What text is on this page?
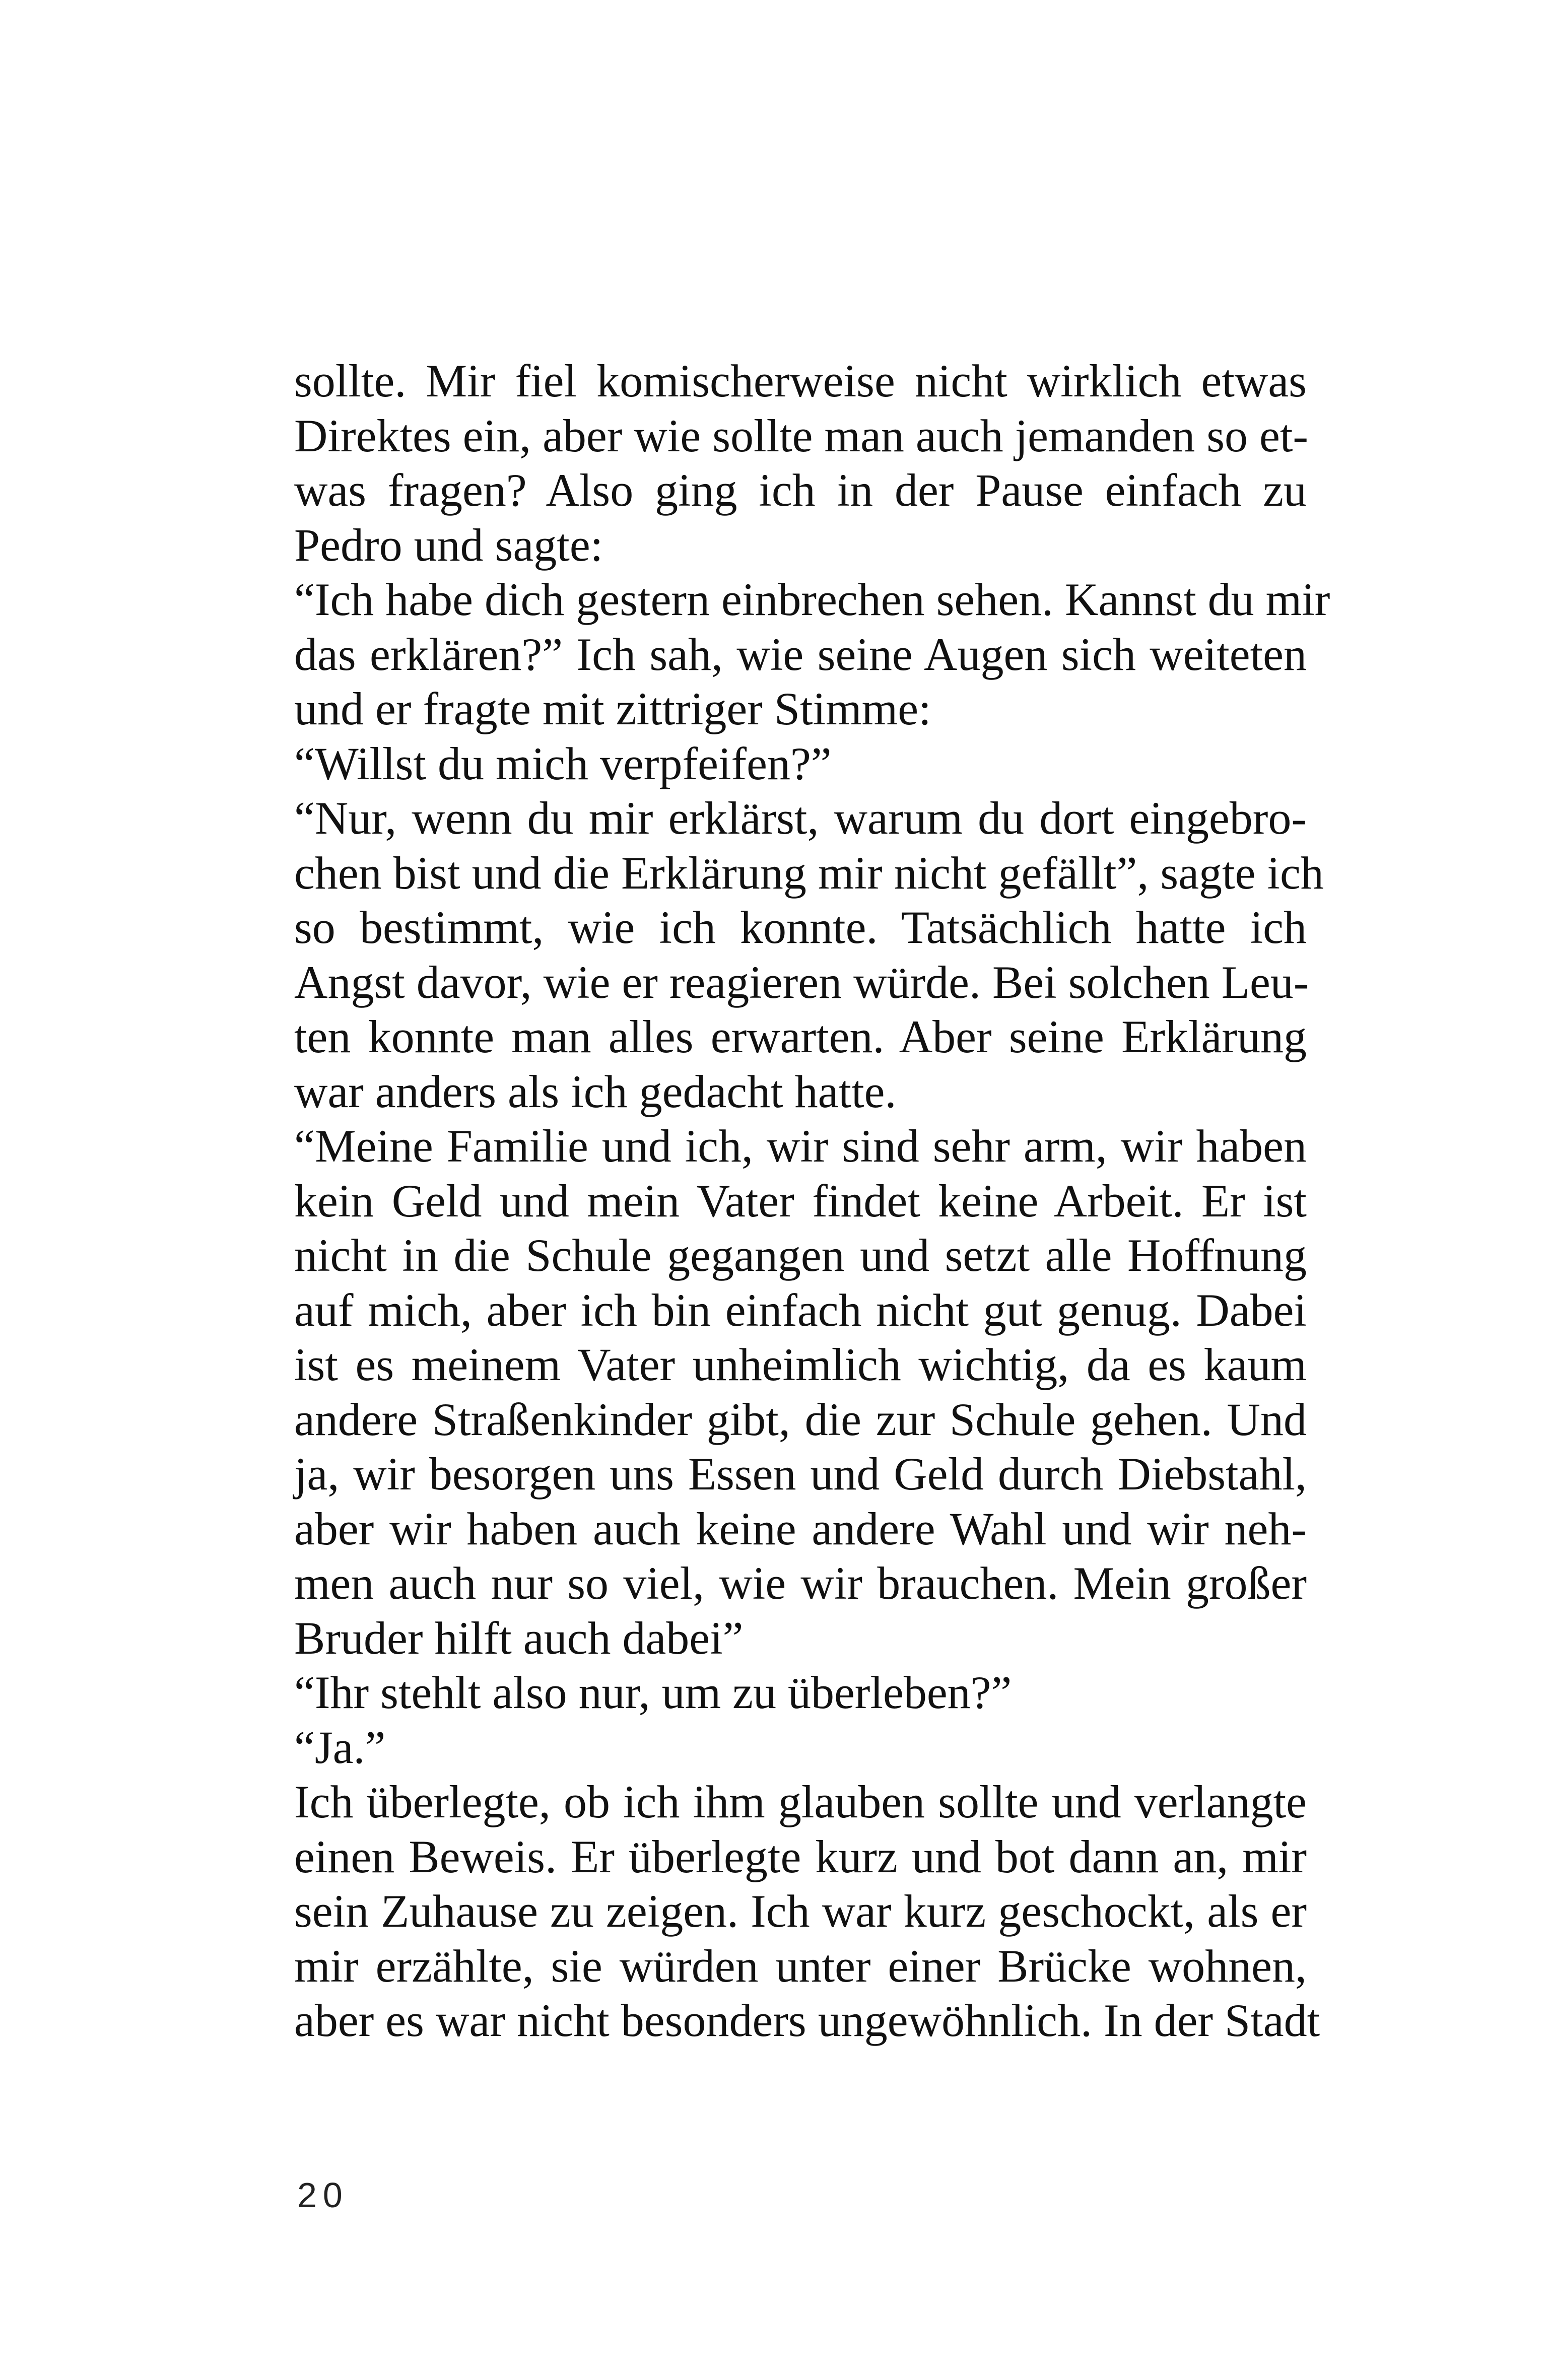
sollte. Mir fiel komischerweise nicht wirklich etwas
Direktes ein, aber wie sollte man auch jemanden so et-
was fragen? Also ging ich in der Pause einfach zu
Pedro und sagte:
“Ich habe dich gestern einbrechen sehen. Kannst du mir
das erklären?” Ich sah, wie seine Augen sich weiteten
und er fragte mit zittriger Stimme:
“Willst du mich verpfeifen?”
“Nur, wenn du mir erklärst, warum du dort eingebro-
chen bist und die Erklärung mir nicht gefällt”, sagte ich
so bestimmt, wie ich konnte. Tatsächlich hatte ich
Angst davor, wie er reagieren würde. Bei solchen Leu-
ten konnte man alles erwarten. Aber seine Erklärung
war anders als ich gedacht hatte.
“Meine Familie und ich, wir sind sehr arm, wir haben
kein Geld und mein Vater findet keine Arbeit. Er ist
nicht in die Schule gegangen und setzt alle Hoffnung
auf mich, aber ich bin einfach nicht gut genug. Dabei
ist es meinem Vater unheimlich wichtig, da es kaum
andere Straßenkinder gibt, die zur Schule gehen. Und
ja, wir besorgen uns Essen und Geld durch Diebstahl,
aber wir haben auch keine andere Wahl und wir neh-
men auch nur so viel, wie wir brauchen. Mein großer
Bruder hilft auch dabei”
“Ihr stehlt also nur, um zu überleben?”
“Ja.”
Ich überlegte, ob ich ihm glauben sollte und verlangte
einen Beweis. Er überlegte kurz und bot dann an, mir
sein Zuhause zu zeigen. Ich war kurz geschockt, als er
mir erzählte, sie würden unter einer Brücke wohnen,
aber es war nicht besonders ungewöhnlich. In der Stadt
20
